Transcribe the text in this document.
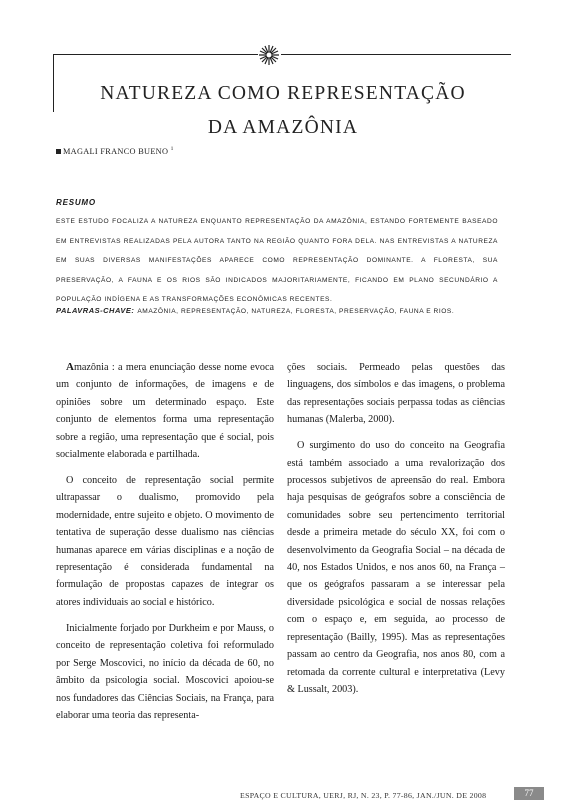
NATUREZA COMO REPRESENTAÇÃO
DA AMAZÔNIA
MAGALI FRANCO BUENO $^1$
RESUMO
ESTE ESTUDO FOCALIZA A NATUREZA ENQUANTO REPRESENTAÇÃO DA AMAZÔNIA, ESTANDO FORTEMENTE BASEADO EM ENTREVISTAS REALIZADAS PELA AUTORA TANTO NA REGIÃO QUANTO FORA DELA. NAS ENTREVISTAS A NATUREZA EM SUAS DIVERSAS MANIFESTAÇÕES APARECE COMO REPRESENTAÇÃO DOMINANTE. A FLORESTA, SUA PRESERVAÇÃO, A FAUNA E OS RIOS SÃO INDICADOS MAJORITARIAMENTE, FICANDO EM PLANO SECUNDÁRIO A POPULAÇÃO INDÍGENA E AS TRANSFORMAÇÕES ECONÔMICAS RECENTES.
PALAVRAS-CHAVE: AMAZÔNIA, REPRESENTAÇÃO, NATUREZA, FLORESTA, PRESERVAÇÃO, FAUNA E RIOS.

Amazônia : a mera enunciação desse nome evoca um conjunto de informações, de imagens e de opiniões sobre um determinado espaço. Este conjunto de elementos forma uma representação sobre a região, uma representação que é social, pois socialmente elaborada e partilhada.

O conceito de representação social permite ultrapassar o dualismo, promovido pela modernidade, entre sujeito e objeto. O movimento de tentativa de superação desse dualismo nas ciências humanas aparece em várias disciplinas e a noção de representação é considerada fundamental na formulação de propostas capazes de integrar os atores individuais ao social e histórico.

Inicialmente forjado por Durkheim e por Mauss, o conceito de representação coletiva foi reformulado por Serge Moscovici, no início da década de 60, no âmbito da psicologia social. Moscovici apoiou-se nos fundadores das Ciências Sociais, na França, para elaborar uma teoria das representa-

ções sociais. Permeado pelas questões das linguagens, dos símbolos e das imagens, o problema das representações sociais perpassa todas as ciências humanas (Malerba, 2000).

O surgimento do uso do conceito na Geografia está também associado a uma revalorização dos processos subjetivos de apreensão do real. Embora haja pesquisas de geógrafos sobre a consciência de comunidades sobre seu pertencimento territorial desde a primeira metade do século XX, foi com o desenvolvimento da Geografia Social – na década de 40, nos Estados Unidos, e nos anos 60, na França – que os geógrafos passaram a se interessar pela diversidade psicológica e social de nossas relações com o espaço e, em seguida, ao processo de representação (Bailly, 1995). Mas as representações passam ao centro da Geografia, nos anos 80, com a retomada da corrente cultural e interpretativa (Levy & Lussalt, 2003).

ESPAÇO E CULTURA, UERJ, RJ, N. 23, P. 77-86, JAN./JUN. DE 2008	77
